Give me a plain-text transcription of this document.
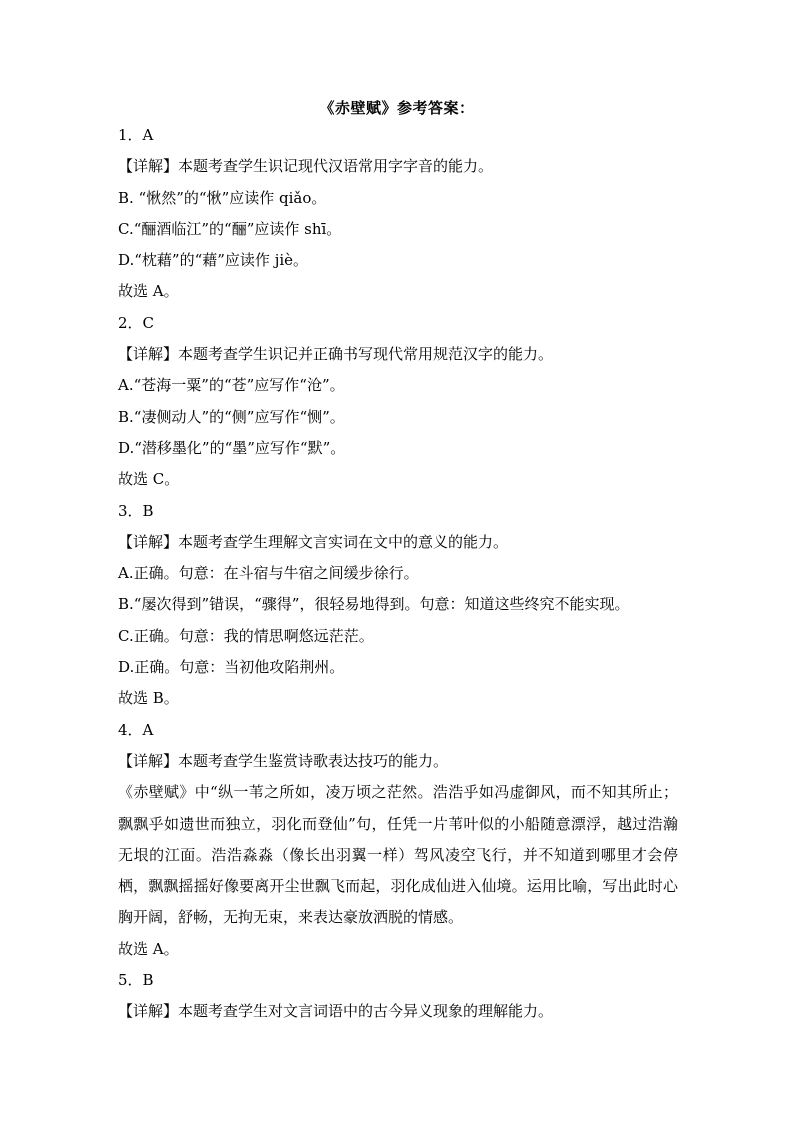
《赤壁赋》参考答案：
1．A
【详解】本题考查学生识记现代汉语常用字字音的能力。
B. “愀然”的“愀”应读作 qiǎo。
C.“酾酒临江”的“酾”应读作 shī。
D.“枕藉”的“藉”应读作 jiè。
故选 A。
2．C
【详解】本题考查学生识记并正确书写现代常用规范汉字的能力。
A.“苍海一粟”的“苍”应写作“沧”。
B.“凄侧动人”的“侧”应写作“恻”。
D.“潜移墨化”的“墨”应写作“默”。
故选 C。
3．B
【详解】本题考查学生理解文言实词在文中的意义的能力。
A.正确。句意：在斗宿与牛宿之间缓步徐行。
B.“屡次得到”错误，“骤得”，很轻易地得到。句意：知道这些终究不能实现。
C.正确。句意：我的情思啊悠远茫茫。
D.正确。句意：当初他攻陷荆州。
故选 B。
4．A
【详解】本题考查学生鉴赏诗歌表达技巧的能力。
《赤壁赋》中“纵一苇之所如，凌万顷之茫然。浩浩乎如冯虚御风，而不知其所止；飘飘乎如遗世而独立，羽化而登仙”句，任凭一片苇叶似的小船随意漂浮，越过浩瀚无垠的江面。浩浩淼淼（像长出羽翼一样）驾风凌空飞行，并不知道到哪里才会停栖，飘飘摇摇好像要离开尘世飘飞而起，羽化成仙进入仙境。运用比喻，写出此时心胸开阔，舒畅，无拘无束，来表达豪放洒脱的情感。
故选 A。
5．B
【详解】本题考查学生对文言词语中的古今异义现象的理解能力。
